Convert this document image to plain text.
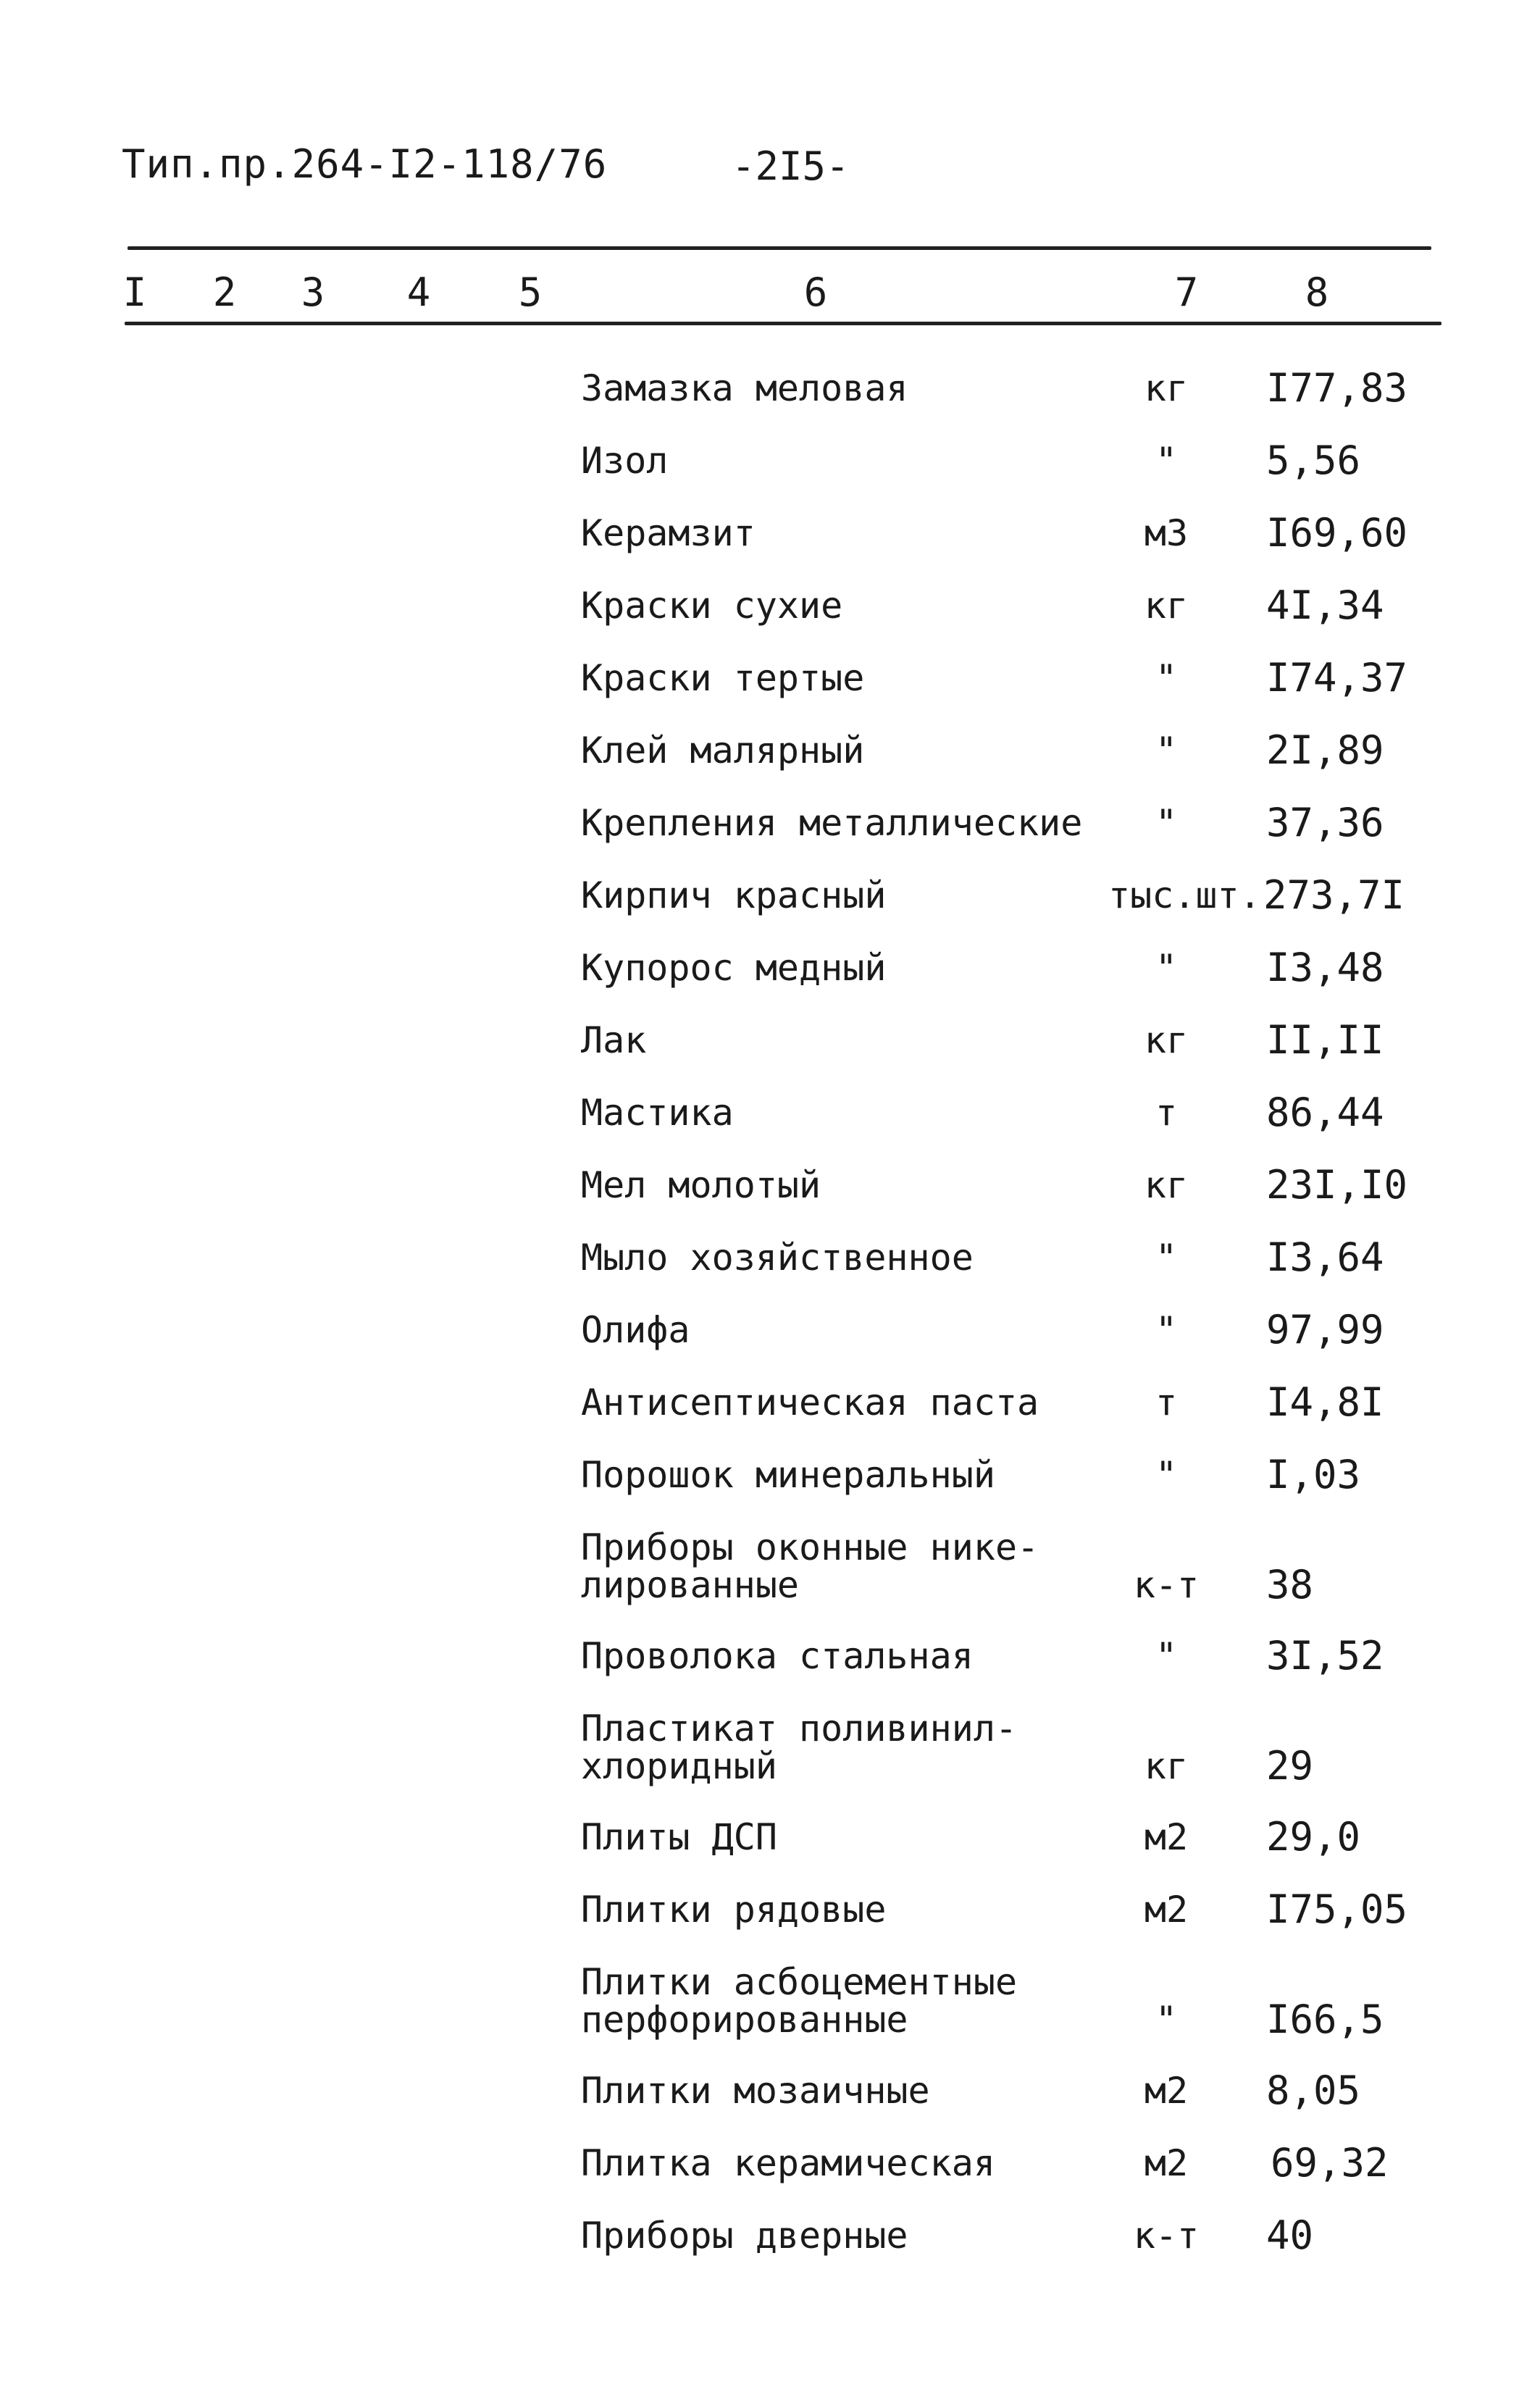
Тип.пр.264-I2-118/76	-2I5-
I 2 3 4 5	6	7	8
Замазка меловая	кг	I77,83
Изол	"	5,56
Керамзит	м3	I69,60
Краски сухие	кг	4I,34
Краски тертые	"	I74,37
Клей малярный	"	2I,89
Крепления металлические	"	37,36
Кирпич красный	тыс.шт. 273,7I
Купорос медный	"	I3,48
Лак	кг	II,II
Мастика	т	86,44
Мел молотый	кг	23I,I0
Мыло хозяйственное	"	I3,64
Олифа	"	97,99
Антисептическая паста	т	I4,8I
Порошок минеральный	"	I,03
Приборы оконные нике-
лированные	к-т	38
Проволока стальная	"	3I,52
Пластикат поливинил-
хлоридный	кг	29
Плиты ДСП	м2	29,0
Плитки рядовые	м2	I75,05
Плитки асбоцементные
перфорированные	"	I66,5
Плитки мозаичные	м2	8,05
Плитка керамическая	м2	69,32
Приборы дверные	к-т	40
